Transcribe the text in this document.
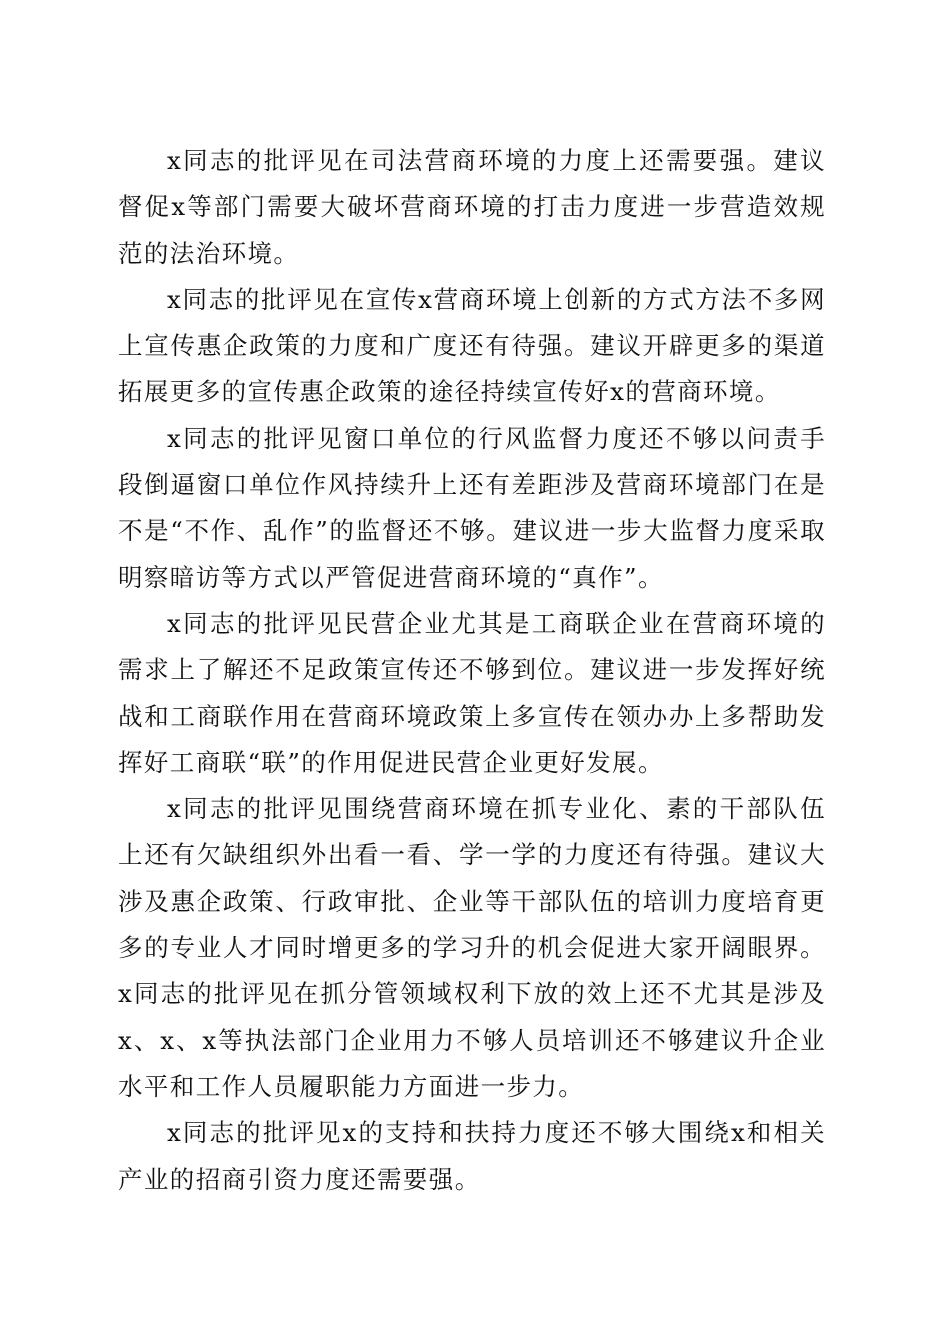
x同志的批评见在司法营商环境的力度上还需要强。建议督促x等部门需要大破坏营商环境的打击力度进一步营造效规范的法治环境。

x同志的批评见在宣传x营商环境上创新的方式方法不多网上宣传惠企政策的力度和广度还有待强。建议开辟更多的渠道拓展更多的宣传惠企政策的途径持续宣传好x的营商环境。

x同志的批评见窗口单位的行风监督力度还不够以问责手段倒逼窗口单位作风持续升上还有差距涉及营商环境部门在是不是“不作、乱作”的监督还不够。建议进一步大监督力度采取明察暗访等方式以严管促进营商环境的“真作”。

x同志的批评见民营企业尤其是工商联企业在营商环境的需求上了解还不足政策宣传还不够到位。建议进一步发挥好统战和工商联作用在营商环境政策上多宣传在领办办上多帮助发挥好工商联“联”的作用促进民营企业更好发展。

x同志的批评见围绕营商环境在抓专业化、素的干部队伍上还有欠缺组织外出看一看、学一学的力度还有待强。建议大涉及惠企政策、行政审批、企业等干部队伍的培训力度培育更多的专业人才同时增更多的学习升的机会促进大家开阔眼界。x同志的批评见在抓分管领域权利下放的效上还不尤其是涉及x、x、x等执法部门企业用力不够人员培训还不够建议升企业水平和工作人员履职能力方面进一步力。

x同志的批评见x的支持和扶持力度还不够大围绕x和相关产业的招商引资力度还需要强。
